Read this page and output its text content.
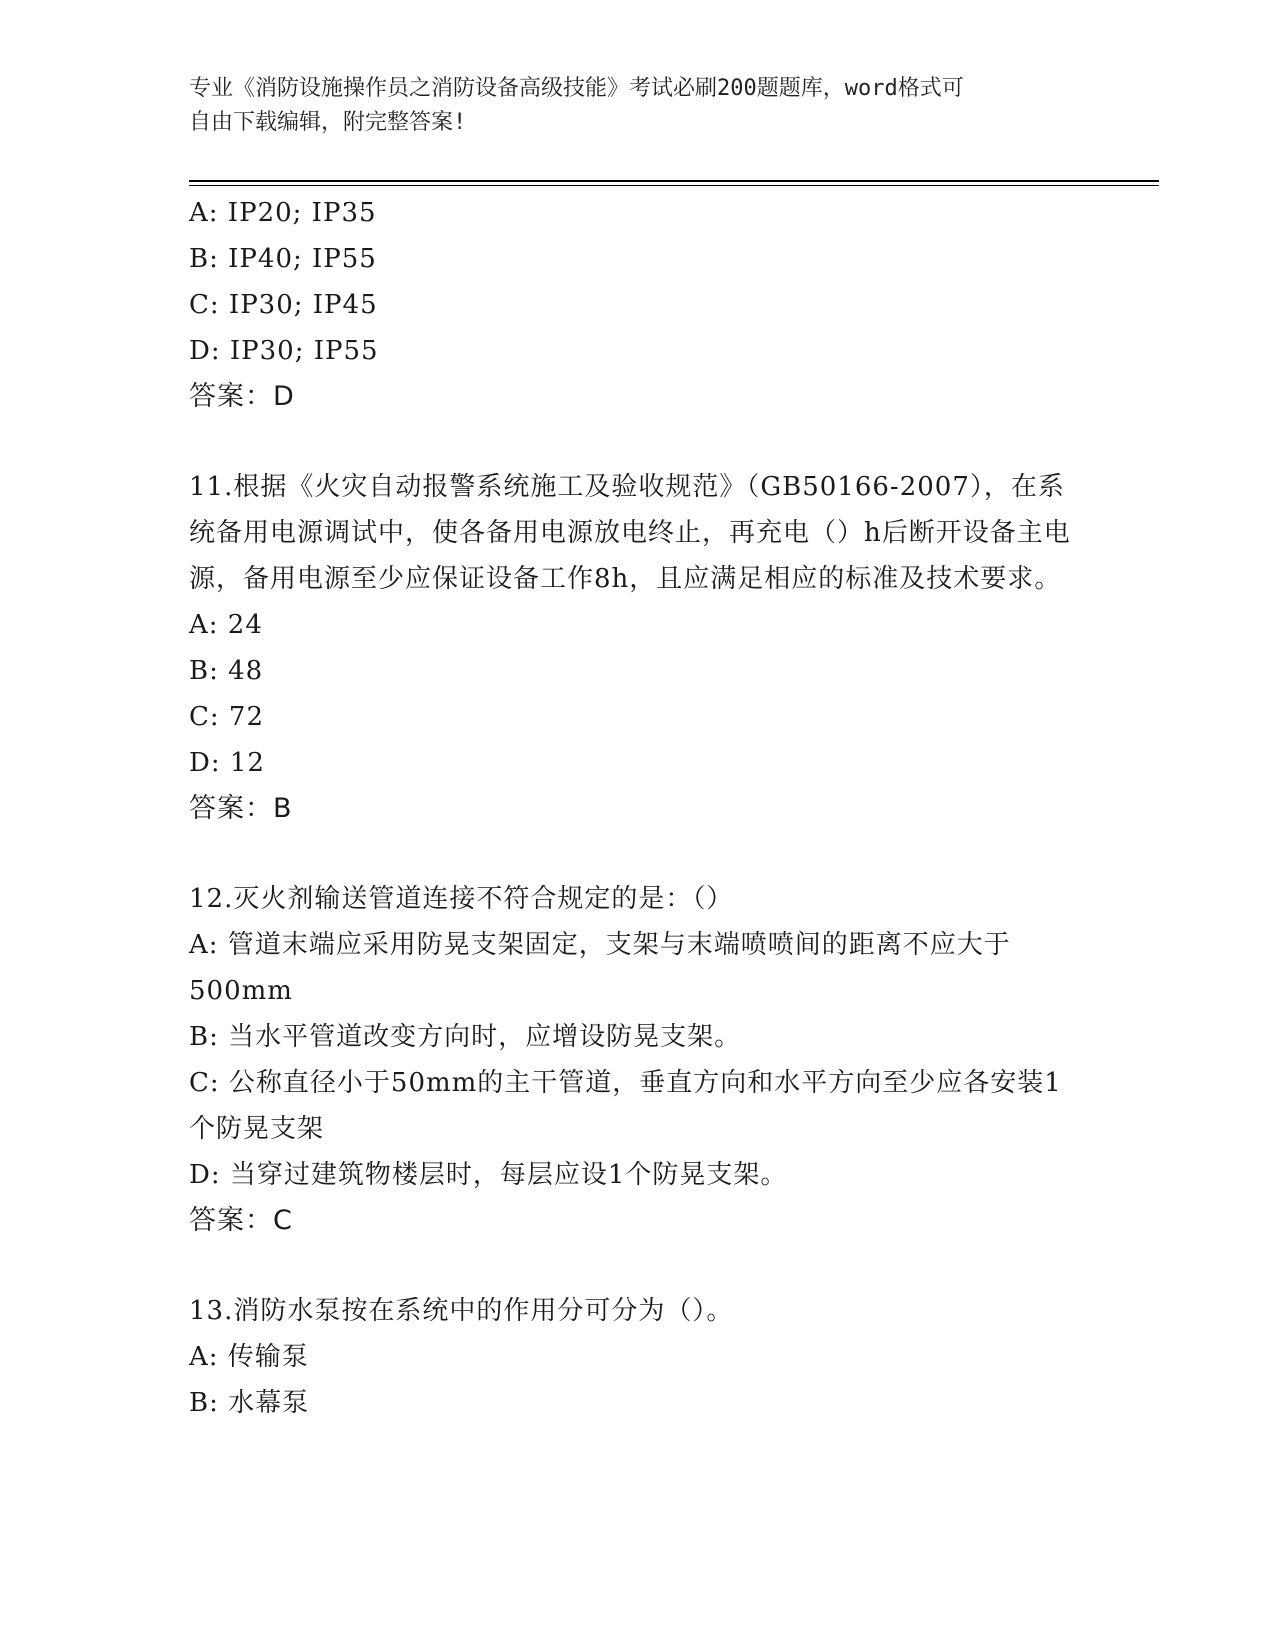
专业《消防设施操作员之消防设备高级技能》考试必刷200题题库，word格式可
自由下载编辑，附完整答案!
A: IP20; IP35
B: IP40; IP55
C: IP30; IP45
D: IP30; IP55
答案：D
11.根据《火灾自动报警系统施工及验收规范》（GB50166-2007），在系统备用电源调试中，使各备用电源放电终止，再充电（）h后断开设备主电源，备用电源至少应保证设备工作8h，且应满足相应的标准及技术要求。
A: 24
B: 48
C: 72
D: 12
答案：B
12.灭火剂输送管道连接不符合规定的是：（）
A: 管道末端应采用防晃支架固定，支架与末端喷喷间的距离不应大于500mm
B: 当水平管道改变方向时，应增设防晃支架。
C: 公称直径小于50mm的主干管道，垂直方向和水平方向至少应各安装1个防晃支架
D: 当穿过建筑物楼层时，每层应设1个防晃支架。
答案：C
13.消防水泵按在系统中的作用分可分为（）。
A: 传输泵
B: 水幕泵
